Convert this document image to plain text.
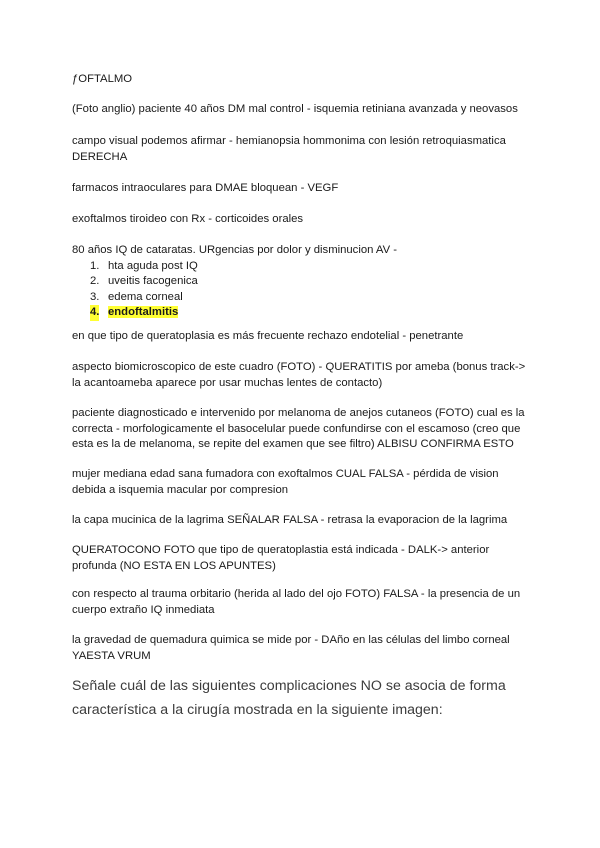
ƒOFTALMO

(Foto anglio) paciente 40 años DM mal control - isquemia retiniana avanzada y neovasos

campo visual podemos afirmar - hemianopsia hommonima con lesión retroquiasmatica DERECHA

farmacos intraoculares para DMAE bloquean - VEGF

exoftalmos tiroideo con Rx - corticoides orales

80 años IQ de cataratas. URgencias por dolor y disminucion AV -

1. hta aguda post IQ
2. uveitis facogenica
3. edema corneal
4. endoftalmitis

en que tipo de queratoplasia es más frecuente rechazo endotelial - penetrante

aspecto biomicroscopico de este cuadro (FOTO) - QUERATITIS por ameba (bonus track-> la acantoameba aparece por usar muchas lentes de contacto)

paciente diagnosticado e intervenido por melanoma de anejos cutaneos (FOTO) cual es la correcta - morfologicamente el basocelular puede confundirse con el escamoso (creo que esta es la de melanoma, se repite del examen que see filtro) ALBISU CONFIRMA ESTO

mujer mediana edad sana fumadora con exoftalmos CUAL FALSA - pérdida de vision debida a isquemia macular por compresion

la capa mucinica de la lagrima SEÑALAR FALSA - retrasa la evaporacion de la lagrima

QUERATOCONO FOTO que tipo de queratoplastia está indicada - DALK-> anterior profunda (NO ESTA EN LOS APUNTES)

con respecto al trauma orbitario (herida al lado del ojo FOTO) FALSA - la presencia de un cuerpo extraño IQ inmediata

la gravedad de quemadura quimica se mide por - DAño en las células del limbo corneal YAESTA VRUM

Señale cuál de las siguientes complicaciones NO se asocia de forma característica a la cirugía mostrada en la siguiente imagen:
